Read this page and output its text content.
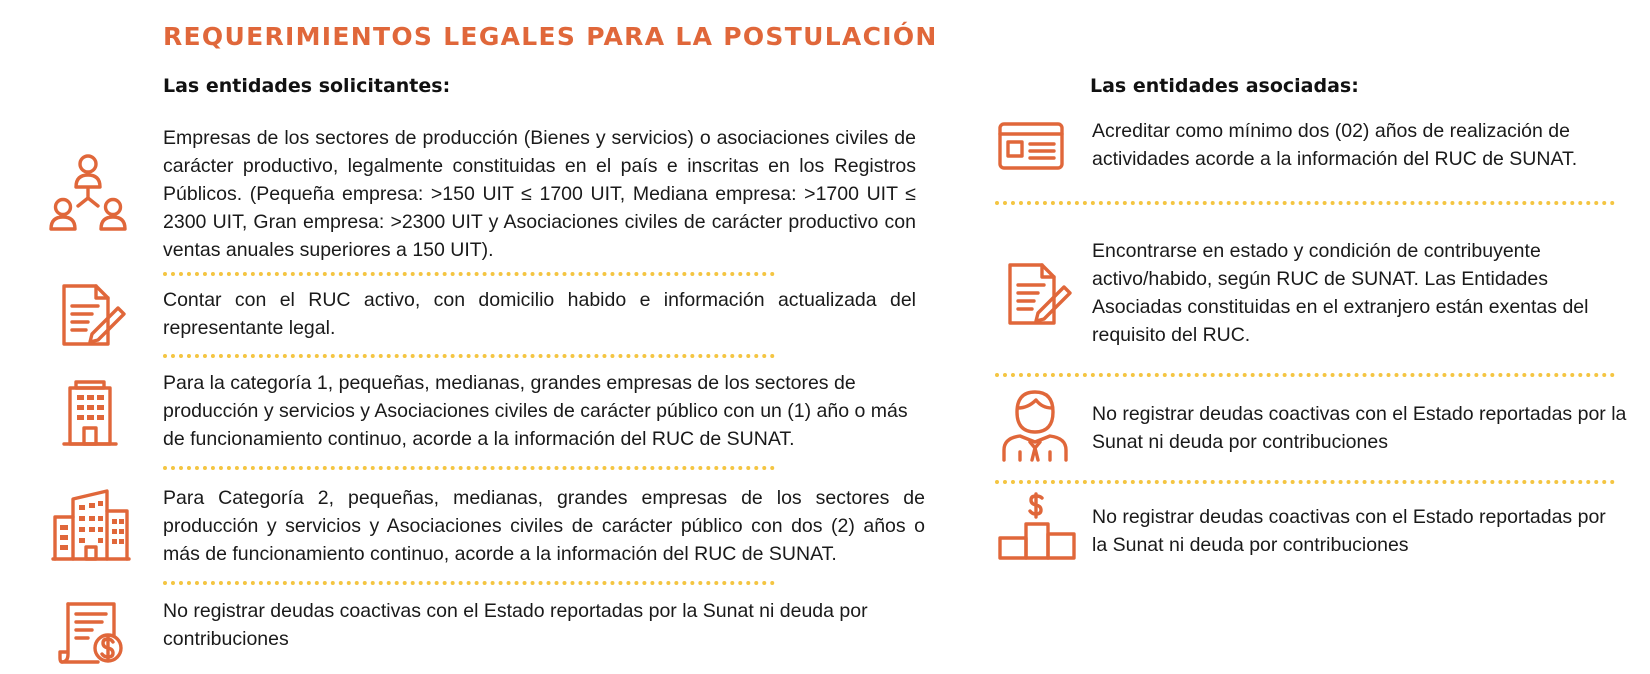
REQUERIMIENTOS LEGALES PARA LA POSTULACIÓN
Las entidades solicitantes:
Empresas de los sectores de producción (Bienes y servicios) o asociaciones civiles de carácter productivo, legalmente constituidas en el país e inscritas en los Registros Públicos. (Pequeña empresa: >150 UIT ≤ 1700 UIT, Mediana empresa: >1700 UIT ≤ 2300 UIT, Gran empresa: >2300 UIT y Asociaciones civiles de carácter productivo con ventas anuales superiores a 150 UIT).
Contar con el RUC activo, con domicilio habido e información actualizada del representante legal.
Para la categoría 1, pequeñas, medianas, grandes empresas de los sectores de producción y servicios y Asociaciones civiles de carácter público con un (1) año o más de funcionamiento continuo, acorde a la información del RUC de SUNAT.
Para Categoría 2, pequeñas, medianas, grandes empresas de los sectores de producción y servicios y Asociaciones civiles de carácter público con dos (2) años o más de funcionamiento continuo, acorde a la información del RUC de SUNAT.
No registrar deudas coactivas con el Estado reportadas por la Sunat ni deuda por contribuciones
Las entidades asociadas:
Acreditar como mínimo dos (02) años de realización de actividades acorde a la información del RUC de SUNAT.
Encontrarse en estado y condición de contribuyente activo/habido, según RUC de SUNAT. Las Entidades Asociadas constituidas en el extranjero están exentas del requisito del RUC.
No registrar deudas coactivas con el Estado reportadas por la Sunat ni deuda por contribuciones
No registrar deudas coactivas con el Estado reportadas por la Sunat ni deuda por contribuciones
